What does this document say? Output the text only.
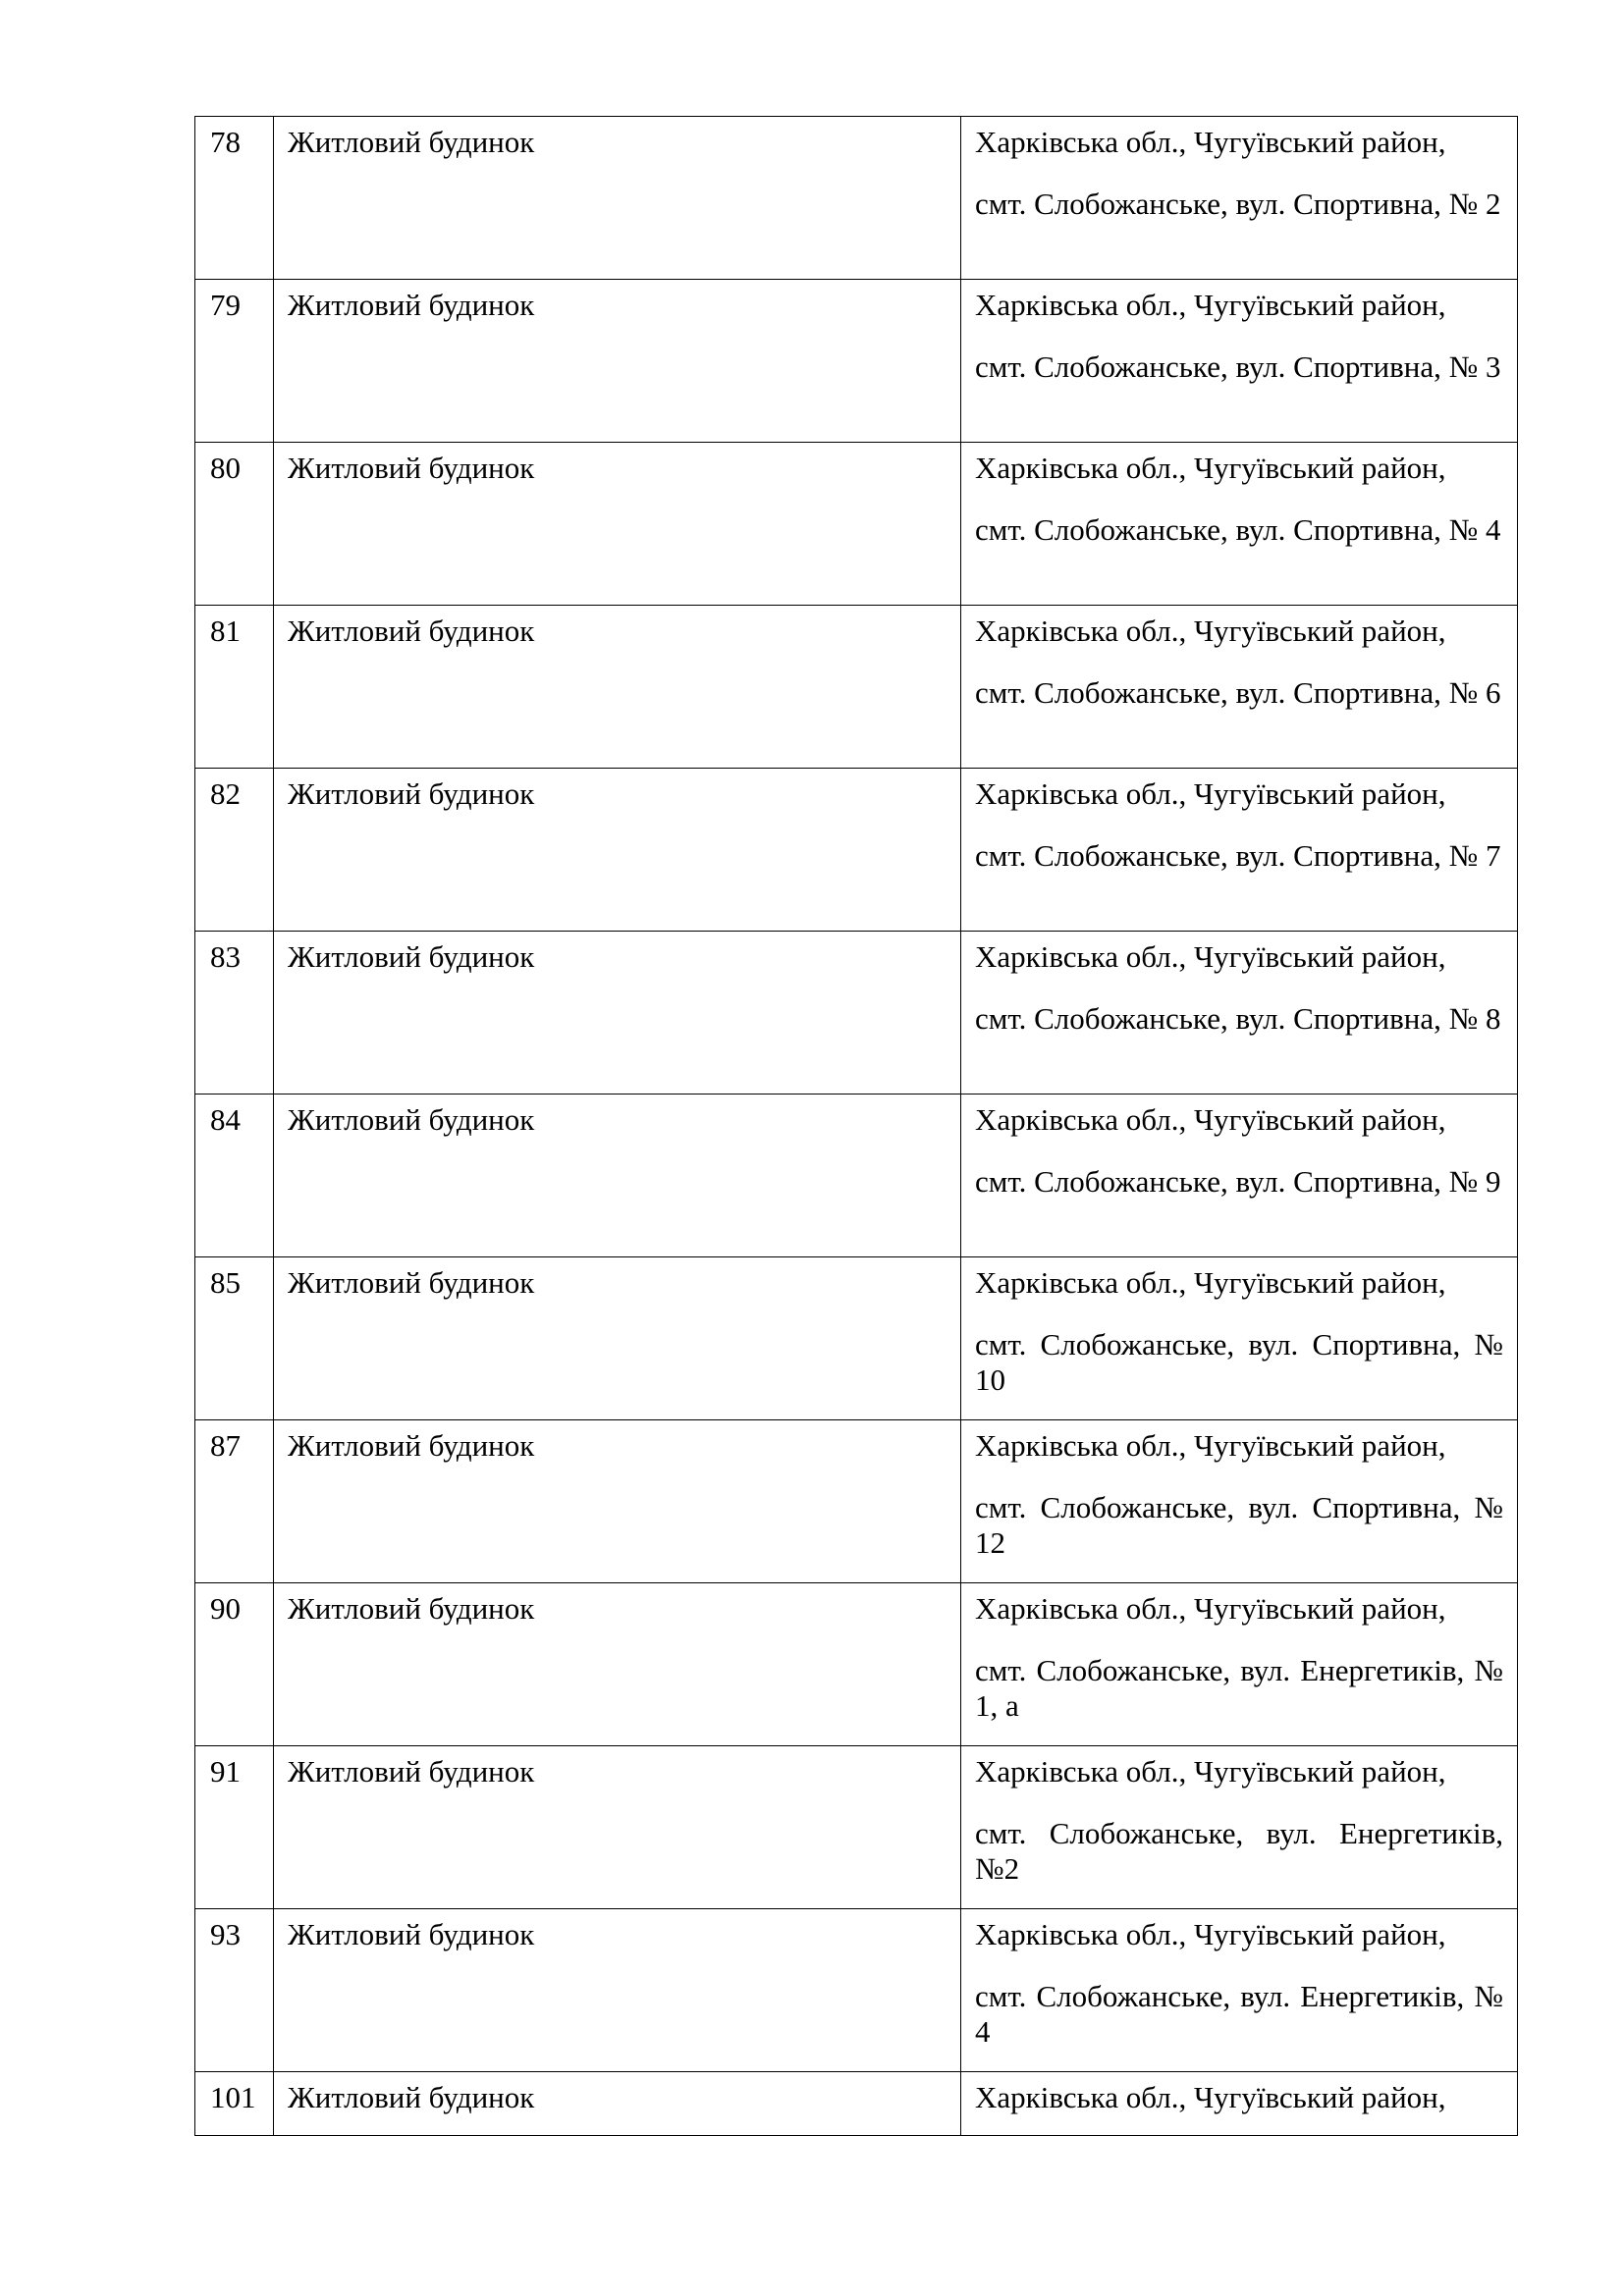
78	Житловий будинок	Харківська обл., Чугуївський район,
смт. Слобожанське, вул. Спортивна, № 2

79	Житловий будинок	Харківська обл., Чугуївський район,
смт. Слобожанське, вул. Спортивна, № 3

80	Житловий будинок	Харківська обл., Чугуївський район,
смт. Слобожанське, вул. Спортивна, № 4

81	Житловий будинок	Харківська обл., Чугуївський район,
смт. Слобожанське, вул. Спортивна, № 6

82	Житловий будинок	Харківська обл., Чугуївський район,
смт. Слобожанське, вул. Спортивна, № 7

83	Житловий будинок	Харківська обл., Чугуївський район,
смт. Слобожанське, вул. Спортивна, № 8

84	Житловий будинок	Харківська обл., Чугуївський район,
смт. Слобожанське, вул. Спортивна, № 9

85	Житловий будинок	Харківська обл., Чугуївський район,
смт. Слобожанське, вул. Спортивна, № 10

87	Житловий будинок	Харківська обл., Чугуївський район,
смт. Слобожанське, вул. Спортивна, № 12

90	Житловий будинок	Харківська обл., Чугуївський район,
смт. Слобожанське, вул. Енергетиків, № 1, а

91	Житловий будинок	Харківська обл., Чугуївський район,
смт. Слобожанське, вул. Енергетиків, №2

93	Житловий будинок	Харківська обл., Чугуївський район,
смт. Слобожанське, вул. Енергетиків, № 4

101	Житловий будинок	Харківська обл., Чугуївський район,
